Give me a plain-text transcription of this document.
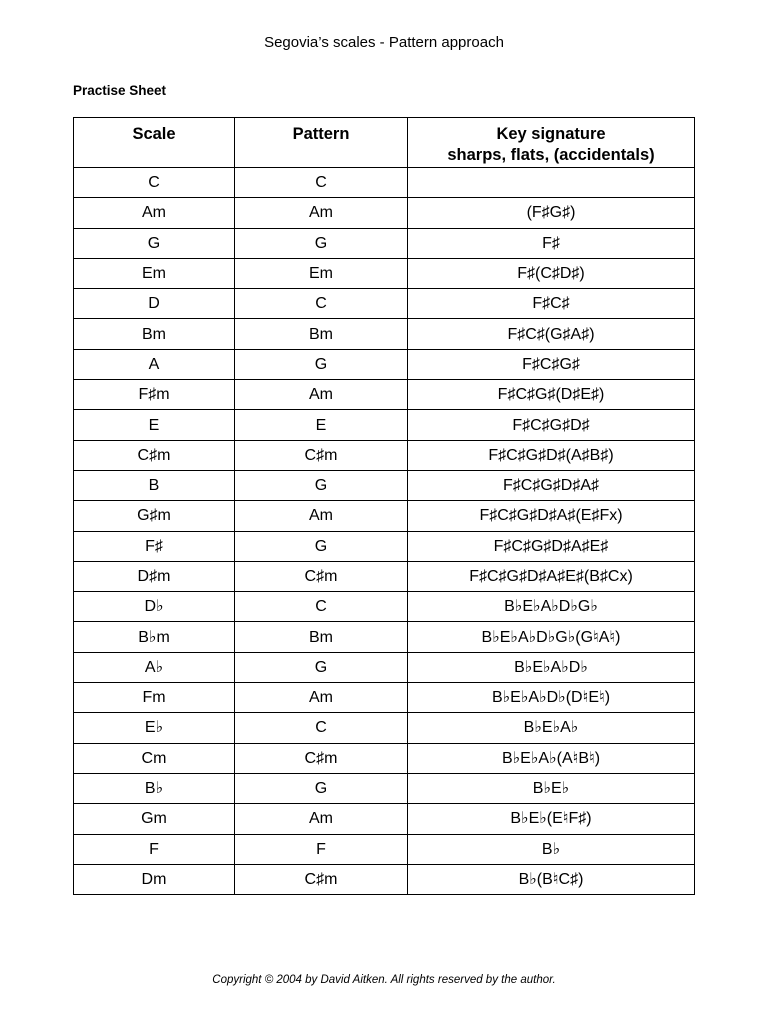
Segovia’s scales - Pattern approach
Practise Sheet
Scale	Pattern	Key signature
sharps, flats, (accidentals)

C	C	
Am	Am	(F♯G♯)
G	G	F♯
Em	Em	F♯(C♯D♯)
D	C	F♯C♯
Bm	Bm	F♯C♯(G♯A♯)
A	G	F♯C♯G♯
F♯m	Am	F♯C♯G♯(D♯E♯)
E	E	F♯C♯G♯D♯
C♯m	C♯m	F♯C♯G♯D♯(A♯B♯)
B	G	F♯C♯G♯D♯A♯
G♯m	Am	F♯C♯G♯D♯A♯(E♯Fx)
F♯	G	F♯C♯G♯D♯A♯E♯
D♯m	C♯m	F♯C♯G♯D♯A♯E♯(B♯Cx)
D♭	C	B♭E♭A♭D♭G♭
B♭m	Bm	B♭E♭A♭D♭G♭(G♮A♮)
A♭	G	B♭E♭A♭D♭
Fm	Am	B♭E♭A♭D♭(D♮E♮)
E♭	C	B♭E♭A♭
Cm	C♯m	B♭E♭A♭(A♮B♮)
B♭	G	B♭E♭
Gm	Am	B♭E♭(E♮F♯)
F	F	B♭
Dm	C♯m	B♭(B♮C♯)
Copyright © 2004 by David Aitken. All rights reserved by the author.
